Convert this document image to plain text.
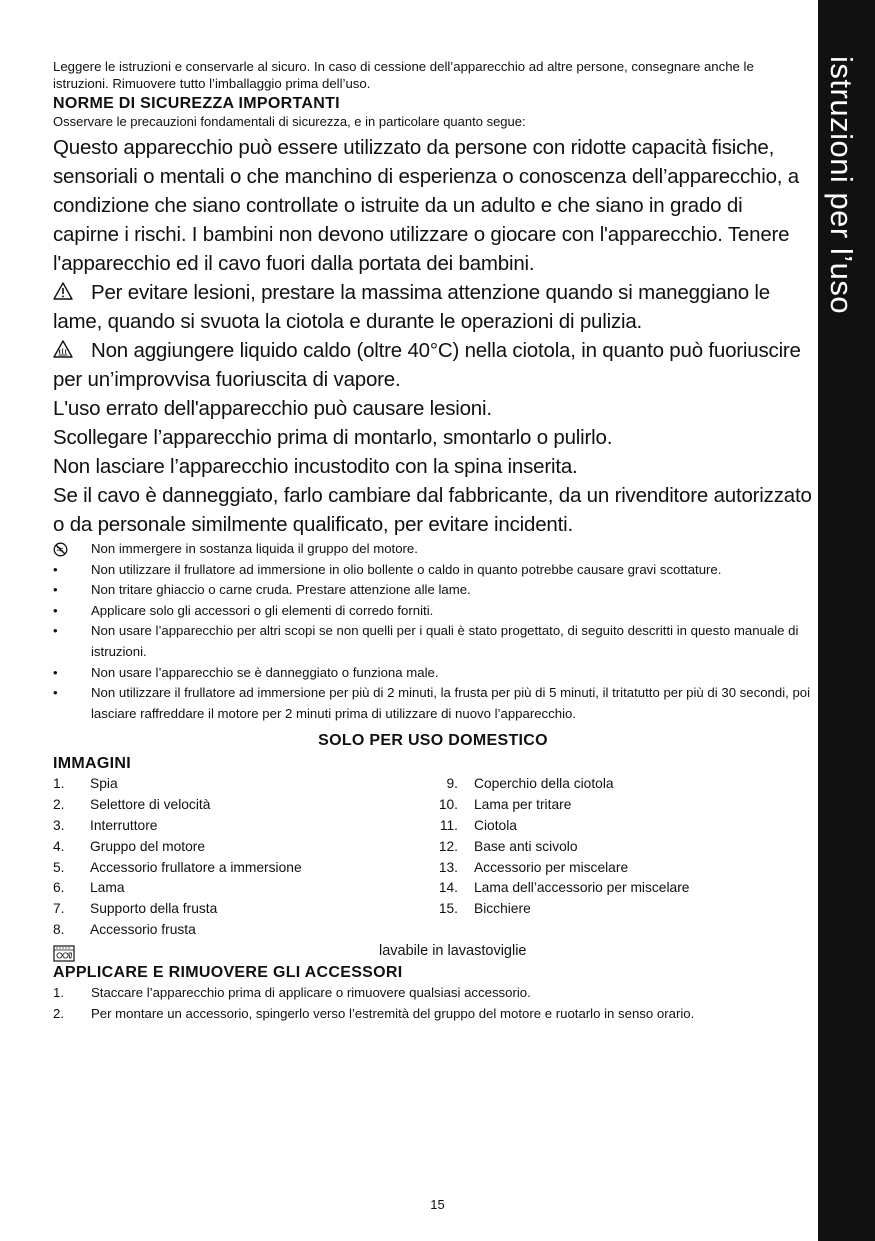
istruzioni per l’uso

Leggere le istruzioni e conservarle al sicuro. In caso di cessione dell’apparecchio ad altre persone, consegnare anche le istruzioni. Rimuovere tutto l’imballaggio prima dell’uso.

NORME DI SICUREZZA IMPORTANTI

Osservare le precauzioni fondamentali di sicurezza, e in particolare quanto segue:

Questo apparecchio può essere utilizzato da persone con ridotte capacità fisiche, sensoriali o mentali o che manchino di esperienza o conoscenza dell’apparecchio, a condizione che siano controllate o istruite da un adulto e che siano in grado di capirne i rischi. I bambini non devono utilizzare o giocare con l'apparecchio. Tenere l'apparecchio ed il cavo fuori dalla portata dei bambini.

Per evitare lesioni, prestare la massima attenzione quando si maneggiano le lame, quando si svuota la ciotola e durante le operazioni di pulizia.

Non aggiungere liquido caldo (oltre 40°C) nella ciotola, in quanto può fuoriuscire per un’improvvisa fuoriuscita di vapore.

L'uso errato dell'apparecchio può causare lesioni.

Scollegare l’apparecchio prima di montarlo, smontarlo o pulirlo.

Non lasciare l’apparecchio incustodito con la spina inserita.

Se il cavo è danneggiato, farlo cambiare dal fabbricante, da un rivenditore autorizzato o da personale similmente qualificato, per evitare incidenti.

Non immergere in sostanza liquida il gruppo del motore.
•	Non utilizzare il frullatore ad immersione in olio bollente o caldo in quanto potrebbe causare gravi scottature.
•	Non tritare ghiaccio o carne cruda. Prestare attenzione alle lame.
•	Applicare solo gli accessori o gli elementi di corredo forniti.
•	Non usare l’apparecchio per altri scopi se non quelli per i quali è stato progettato, di seguito descritti in questo manuale di istruzioni.
•	Non usare l’apparecchio se è danneggiato o funziona male.
•	Non utilizzare il frullatore ad immersione per più di 2 minuti, la frusta per più di 5 minuti, il tritatutto per più di 30 secondi, poi lasciare raffreddare il motore per 2 minuti prima di utilizzare di nuovo l’apparecchio.

SOLO PER USO DOMESTICO

IMMAGINI

1.	Spia
2.	Selettore di velocità
3.	Interruttore
4.	Gruppo del motore
5.	Accessorio frullatore a immersione
6.	Lama
7.	Supporto della frusta
8.	Accessorio frusta
9. Coperchio della ciotola
10. Lama per tritare
11. Ciotola
12. Base anti scivolo
13. Accessorio per miscelare
14. Lama dell’accessorio per miscelare
15. Bicchiere
lavabile in lavastoviglie

APPLICARE E RIMUOVERE GLI ACCESSORI

1. Staccare l’apparecchio prima di applicare o rimuovere qualsiasi accessorio.
2. Per montare un accessorio, spingerlo verso l’estremità del gruppo del motore e ruotarlo in senso orario.
15
